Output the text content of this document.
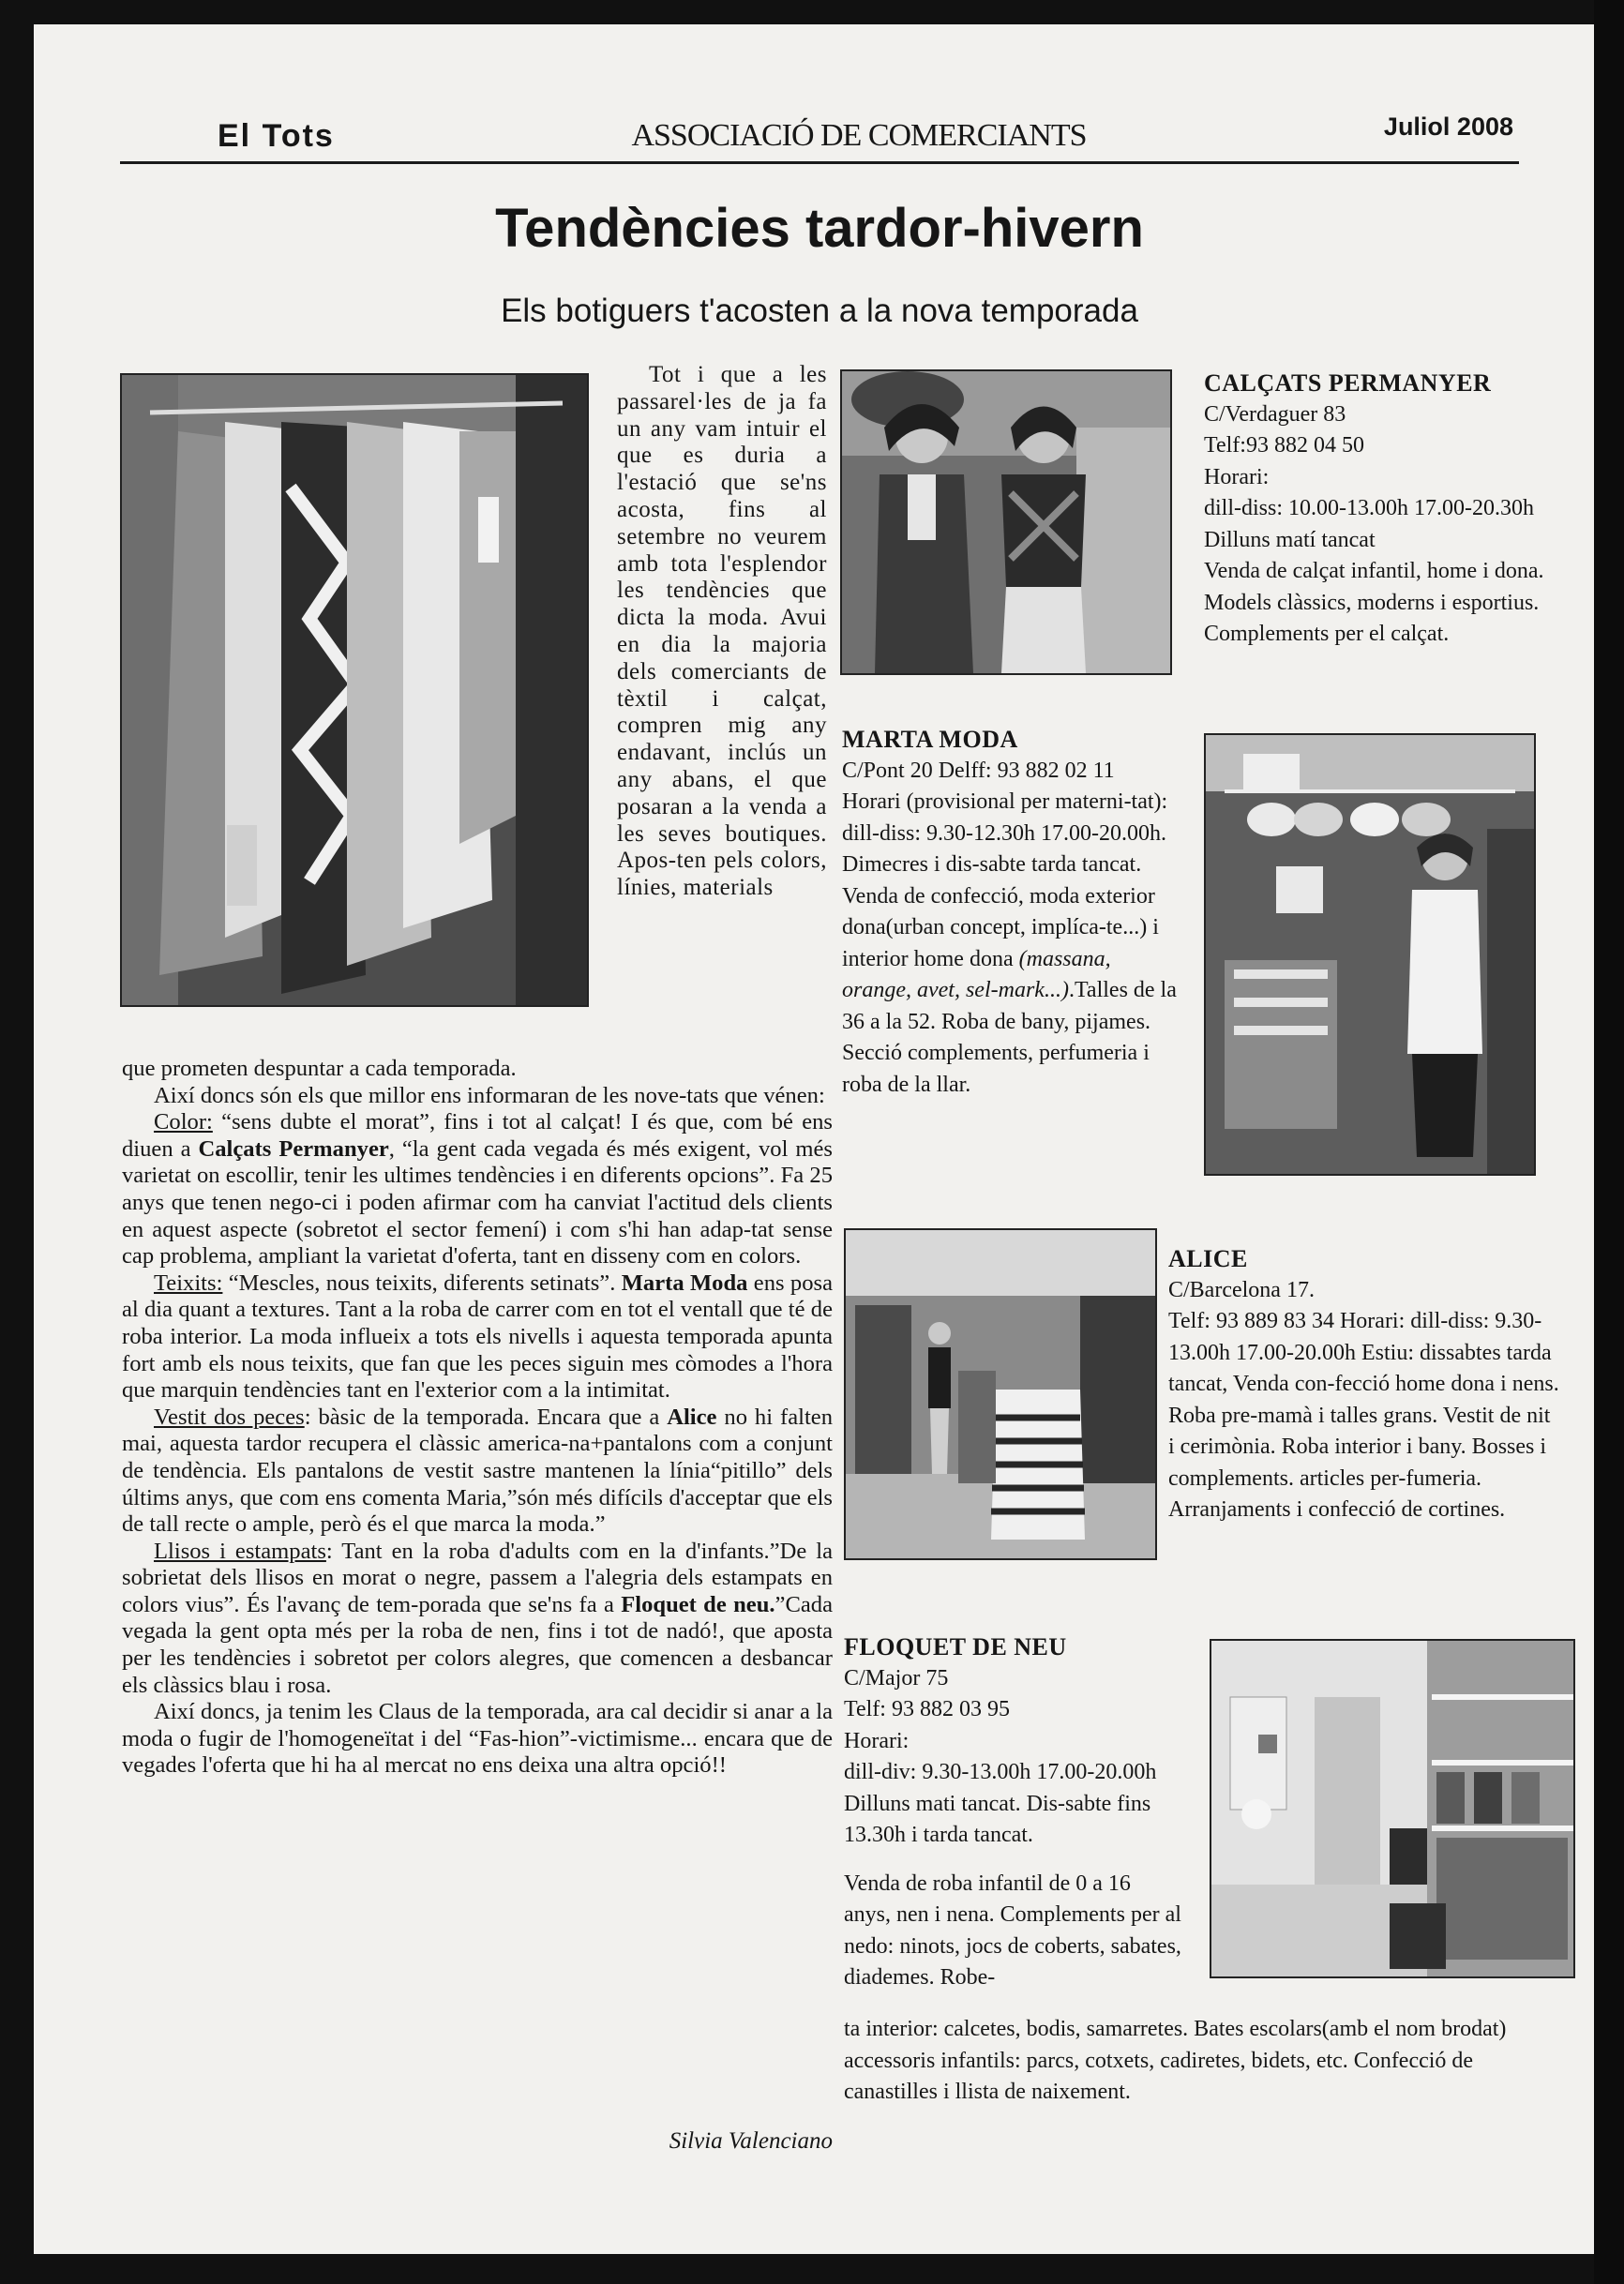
El Tots	ASSOCIACIÓ DE COMERCIANTS	Juliol 2008
Tendències tardor-hivern
Els botiguers t'acosten a la nova temporada

Tot i que a les passarel·les de ja fa un any vam intuir el que es duria a l'estació que se'ns acosta, fins al setembre no veurem amb tota l'esplendor les tendències que dicta la moda. Avui en dia la majoria dels comerciants de tèxtil i calçat, compren mig any endavant, inclús un any abans, el que posaran a la venda a les seves boutiques. Apos-ten pels colors, línies, materials

que prometen despuntar a cada temporada.

Així doncs són els que millor ens informaran de les nove-tats que vénen:

Color: “sens dubte el morat”, fins i tot al calçat! I és que, com bé ens diuen a Calçats Permanyer, “la gent cada vegada és més exigent, vol més varietat on escollir, tenir les ultimes tendències i en diferents opcions”. Fa 25 anys que tenen nego-ci i poden afirmar com ha canviat l'actitud dels clients en aquest aspecte (sobretot el sector femení) i com s'hi han adap-tat sense cap problema, ampliant la varietat d'oferta, tant en disseny com en colors.

Teixits: “Mescles, nous teixits, diferents setinats”. Marta Moda ens posa al dia quant a textures. Tant a la roba de carrer com en tot el ventall que té de roba interior. La moda influeix a tots els nivells i aquesta temporada apunta fort amb els nous teixits, que fan que les peces siguin mes còmodes a l'hora que marquin tendències tant en l'exterior com a la intimitat.

Vestit dos peces: bàsic de la temporada. Encara que a Alice no hi falten mai, aquesta tardor recupera el clàssic america-na+pantalons com a conjunt de tendència. Els pantalons de vestit sastre mantenen la línia“pitillo” dels últims anys, que com ens comenta Maria,”són més difícils d'acceptar que els de tall recte o ample, però és el que marca la moda.”

Llisos i estampats: Tant en la roba d'adults com en la d'infants.”De la sobrietat dels llisos en morat o negre, passem a l'alegria dels estampats en colors vius”. És l'avanç de tem-porada que se'ns fa a Floquet de neu.”Cada vegada la gent opta més per la roba de nen, fins i tot de nadó!, que aposta per les tendències i sobretot per colors alegres, que comencen a desbancar els clàssics blau i rosa.

Així doncs, ja tenim les Claus de la temporada, ara cal decidir si anar a la moda o fugir de l'homogeneïtat i del “Fas-hion”-victimisme... encara que de vegades l'oferta que hi ha al mercat no ens deixa una altra opció!!

Silvia Valenciano

CALÇATS PERMANYER

C/Verdaguer 83

Telf:93 882 04 50

Horari:

dill-diss: 10.00-13.00h 17.00-20.30h Dilluns matí tancat

Venda de calçat infantil, home i dona. Models clàssics, moderns i esportius. Complements per el calçat.

MARTA MODA

C/Pont 20 Delff: 93 882 02 11

Horari (provisional per materni-tat): dill-diss: 9.30-12.30h 17.00-20.00h. Dimecres i dis-sabte tarda tancat. Venda de confecció, moda exterior dona(urban concept, implíca-te...) i interior home dona (massana, orange, avet, sel-mark...).Talles de la 36 a la 52. Roba de bany, pijames. Secció complements, perfumeria i roba de la llar.

ALICE

C/Barcelona 17.

Telf: 93 889 83 34 Horari: dill-diss: 9.30-13.00h 17.00-20.00h Estiu: dissabtes tarda tancat, Venda con-fecció home dona i nens. Roba pre-mamà i talles grans. Vestit de nit i cerimònia. Roba interior i bany. Bosses i complements. articles per-fumeria. Arranjaments i confecció de cortines.

FLOQUET DE NEU

C/Major 75

Telf: 93 882 03 95

Horari:

dill-div: 9.30-13.00h 17.00-20.00h Dilluns mati tancat. Dis-sabte fins 13.30h i tarda tancat.

Venda de roba infantil de 0 a 16 anys, nen i nena. Complements per al nedo: ninots, jocs de coberts, sabates, diademes. Robe-

ta interior: calcetes, bodis, samarretes. Bates escolars(amb el nom brodat) accessoris infantils: parcs, cotxets, cadiretes, bidets, etc. Confecció de canastilles i llista de naixement.
